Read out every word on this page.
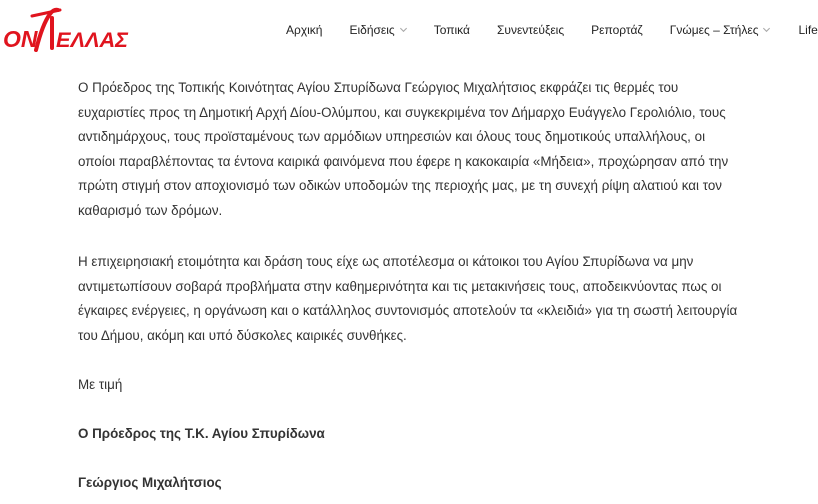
ΟΝ ΕΛΛΑΣ	Αρχική Ειδήσεις	Τοπικά Συνεντεύξεις Ρεπορτάζ Γνώμες – Στήλες	Life

Ο Πρόεδρος της Τοπικής Κοινότητας Αγίου Σπυρίδωνα Γεώργιος Μιχαλήτσιος εκφράζει τις θερμές του
ευχαριστίες προς τη Δημοτική Αρχή Δίου-Ολύμπου, και συγκεκριμένα τον Δήμαρχο Ευάγγελο Γερολιόλιο, τους
αντιδημάρχους, τους προϊσταμένους των αρμόδιων υπηρεσιών και όλους τους δημοτικούς υπαλλήλους, οι
οποίοι παραβλέποντας τα έντονα καιρικά φαινόμενα που έφερε η κακοκαιρία «Μήδεια», προχώρησαν από την
πρώτη στιγμή στον αποχιονισμό των οδικών υποδομών της περιοχής μας, με τη συνεχή ρίψη αλατιού και τον
καθαρισμό των δρόμων.

Η επιχειρησιακή ετοιμότητα και δράση τους είχε ως αποτέλεσμα οι κάτοικοι του Αγίου Σπυρίδωνα να μην
αντιμετωπίσουν σοβαρά προβλήματα στην καθημερινότητα και τις μετακινήσεις τους, αποδεικνύοντας πως οι
έγκαιρες ενέργειες, η οργάνωση και ο κατάλληλος συντονισμός αποτελούν τα «κλειδιά» για τη σωστή λειτουργία
του Δήμου, ακόμη και υπό δύσκολες καιρικές συνθήκες.

Με τιμή
Ο Πρόεδρος της Τ.Κ. Αγίου Σπυρίδωνα
Γεώργιος Μιχαλήτσιος
